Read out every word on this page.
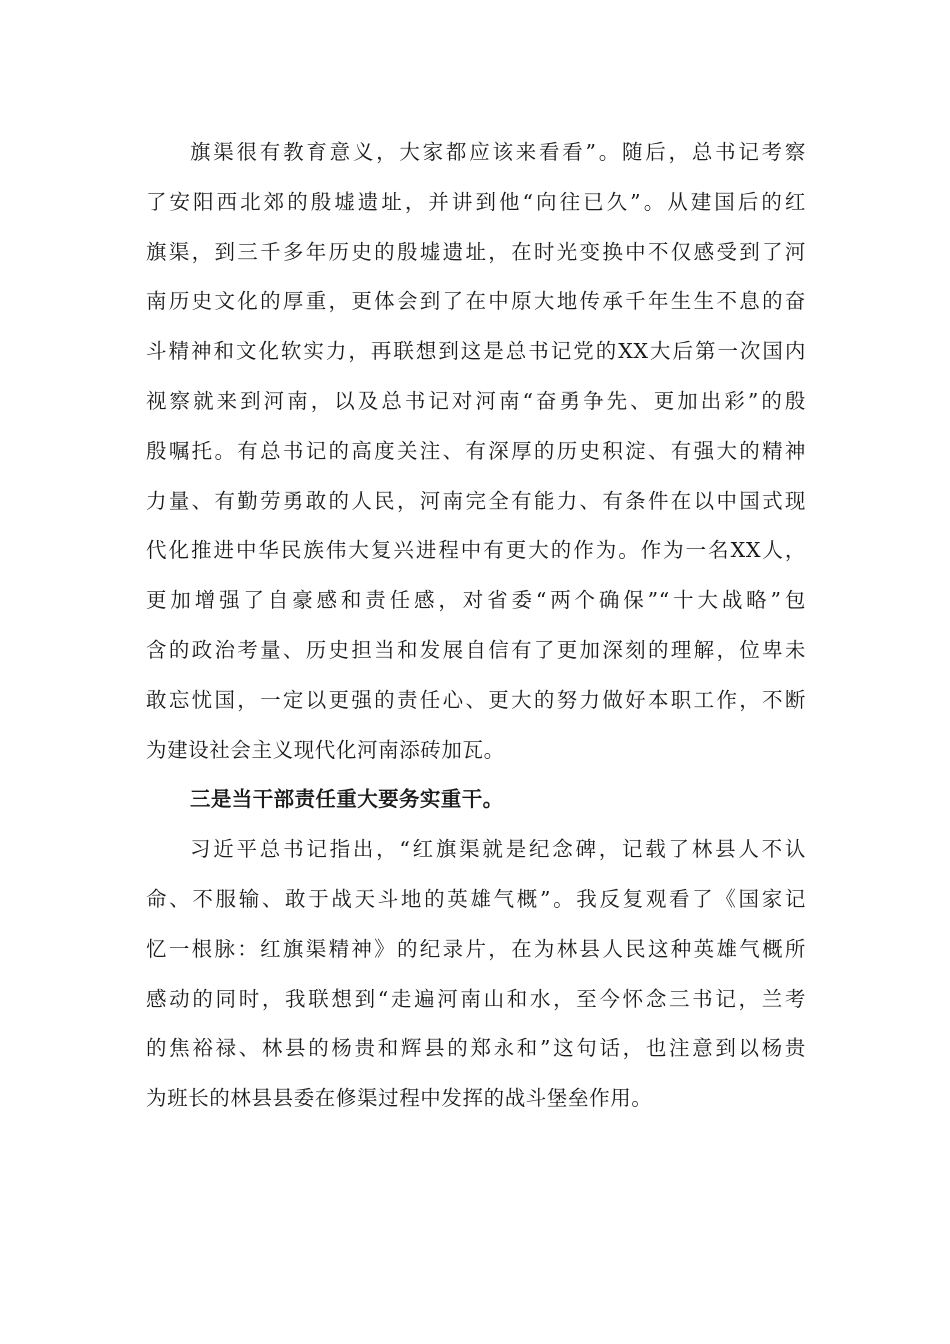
旗渠很有教育意义，大家都应该来看看”。随后，总书记考察
了安阳西北郊的殷墟遗址，并讲到他“向往已久”。从建国后的红
旗渠，到三千多年历史的殷墟遗址，在时光变换中不仅感受到了河
南历史文化的厚重，更体会到了在中原大地传承千年生生不息的奋
斗精神和文化软实力，再联想到这是总书记党的XX大后第一次国内
视察就来到河南，以及总书记对河南“奋勇争先、更加出彩”的殷
殷嘱托。有总书记的高度关注、有深厚的历史积淀、有强大的精神
力量、有勤劳勇敢的人民，河南完全有能力、有条件在以中国式现
代化推进中华民族伟大复兴进程中有更大的作为。作为一名XX人，
更加增强了自豪感和责任感，对省委“两个确保”“十大战略”包
含的政治考量、历史担当和发展自信有了更加深刻的理解，位卑未
敢忘忧国，一定以更强的责任心、更大的努力做好本职工作，不断
为建设社会主义现代化河南添砖加瓦。
三是当干部责任重大要务实重干。
习近平总书记指出，“红旗渠就是纪念碑，记载了林县人不认
命、不服输、敢于战天斗地的英雄气概”。我反复观看了《国家记
忆一根脉：红旗渠精神》的纪录片，在为林县人民这种英雄气概所
感动的同时，我联想到“走遍河南山和水，至今怀念三书记，兰考
的焦裕禄、林县的杨贵和辉县的郑永和”这句话，也注意到以杨贵
为班长的林县县委在修渠过程中发挥的战斗堡垒作用。
